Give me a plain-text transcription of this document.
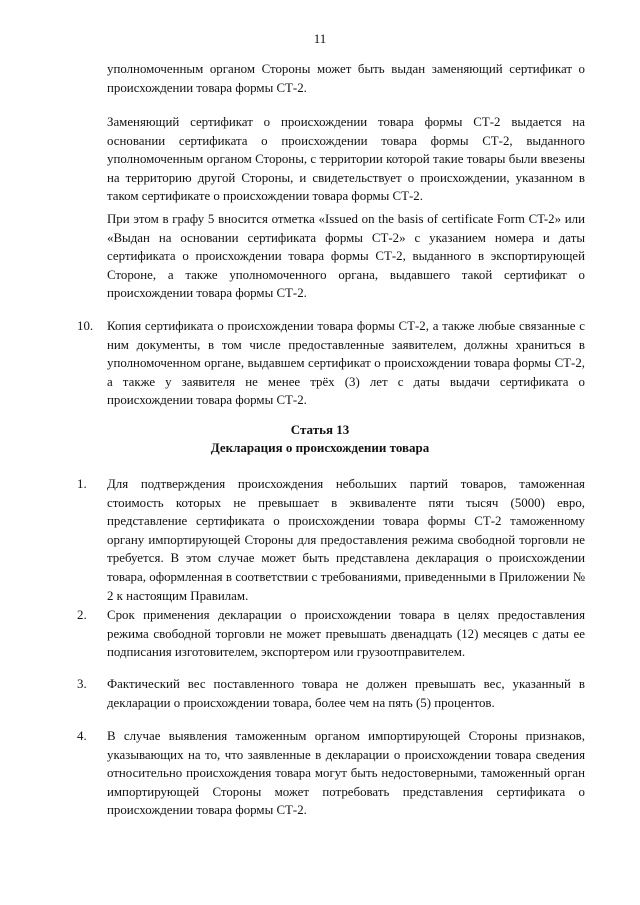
11

уполномоченным органом Стороны может быть выдан заменяющий сертификат о происхождении товара формы СТ-2.

Заменяющий сертификат о происхождении товара формы СТ-2 выдается на основании сертификата о происхождении товара формы СТ-2, выданного уполномоченным органом Стороны, с территории которой такие товары были ввезены на территорию другой Стороны, и свидетельствует о происхождении, указанном в таком сертификате о происхождении товара формы СТ-2.

При этом в графу 5 вносится отметка «Issued on the basis of certificate Form CT-2» или «Выдан на основании сертификата формы СТ-2» с указанием номера и даты сертификата о происхождении товара формы СТ-2, выданного в экспортирующей Стороне, а также уполномоченного органа, выдавшего такой сертификат о происхождении товара формы СТ-2.

10. Копия сертификата о происхождении товара формы СТ-2, а также любые связанные с ним документы, в том числе предоставленные заявителем, должны храниться в уполномоченном органе, выдавшем сертификат о происхождении товара формы СТ-2, а также у заявителя не менее трёх (3) лет с даты выдачи сертификата о происхождении товара формы СТ-2.

Статья 13
Декларация о происхождении товара
1. Для подтверждения происхождения небольших партий товаров, таможенная стоимость которых не превышает в эквиваленте пяти тысяч (5000) евро, представление сертификата о происхождении товара формы СТ-2 таможенному органу импортирующей Стороны для предоставления режима свободной торговли не требуется. В этом случае может быть представлена декларация о происхождении товара, оформленная в соответствии с требованиями, приведенными в Приложении № 2 к настоящим Правилам.

2. Срок применения декларации о происхождении товара в целях предоставления режима свободной торговли не может превышать двенадцать (12) месяцев с даты ее подписания изготовителем, экспортером или грузоотправителем.

3. Фактический вес поставленного товара не должен превышать вес, указанный в декларации о происхождении товара, более чем на пять (5) процентов.

4. В случае выявления таможенным органом импортирующей Стороны признаков, указывающих на то, что заявленные в декларации о происхождении товара сведения относительно происхождения товара могут быть недостоверными, таможенный орган импортирующей Стороны может потребовать представления сертификата о происхождении товара формы СТ-2.
